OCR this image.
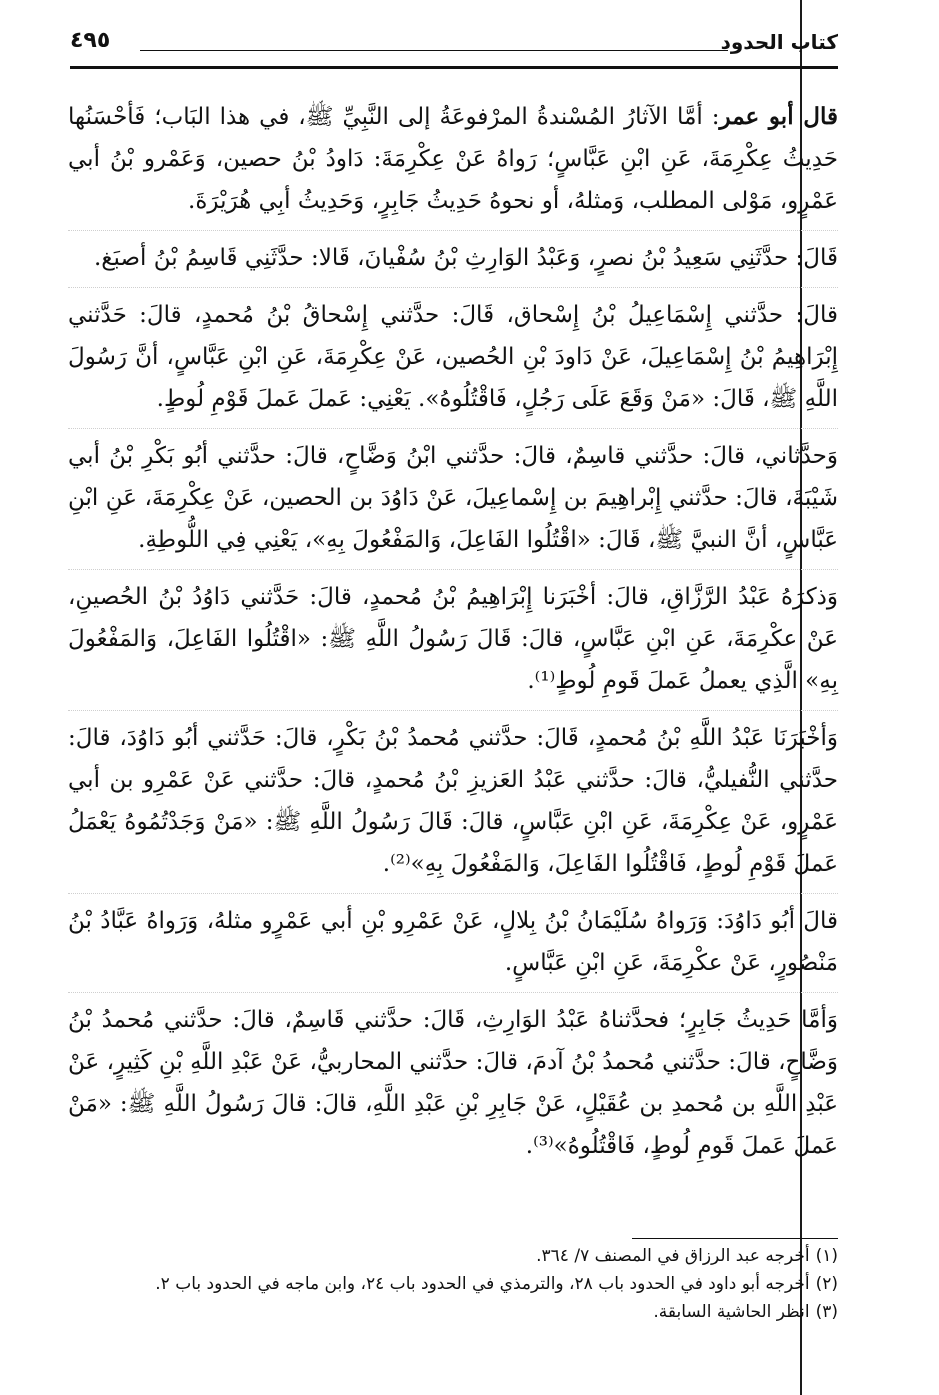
كتاب الحدود
٤٩٥

قال أبو عمر: أمَّا الآثارُ المُسْندةُ المرْفوعَةُ إلى النَّبِيِّ ﷺ، في هذا البَاب؛ فَأحْسَنُها حَدِيثُ عِكْرِمَةَ، عَنِ ابْنِ عَبَّاسٍ؛ رَواهُ عَنْ عِكْرِمَةَ: دَاودُ بْنُ حصين، وَعَمْرو بْنُ أبي عَمْرٍو، مَوْلى المطلب، وَمثلهُ، أو نحوهُ حَدِيثُ جَابِرٍ، وَحَدِيثُ أبِي هُرَيْرَةَ.

قَالَ: حدَّثَنِي سَعِيدُ بْنُ نصرٍ، وَعَبْدُ الوَارِثِ بْنُ سُفْيانَ، قَالا: حدَّثَنِي قَاسِمُ بْنُ أصبَغ.

قالَ: حدَّثني إِسْمَاعِيلُ بْنُ إِسْحاق، قَالَ: حدَّثني إِسْحاقُ بْنُ مُحمدٍ، قالَ: حَدَّثني إِبْرَاهِيمُ بْنُ إِسْمَاعِيلَ، عَنْ دَاودَ بْنِ الحُصين، عَنْ عِكْرِمَةَ، عَنِ ابْنِ عَبَّاسٍ، أنَّ رَسُولَ اللَّهِ ﷺ، قَالَ: «مَنْ وَقَعَ عَلَى رَجُلٍ، فَاقْتُلُوهُ». يَعْنِي: عَملَ عَملَ قَوْمِ لُوطٍ.

وَحدَّثاني، قالَ: حدَّثني قاسِمٌ، قالَ: حدَّثني ابْنُ وَضَّاحٍ، قالَ: حدَّثني أبُو بَكْرِ بْنُ أبي شَيْبَةَ، قالَ: حدَّثني إِبْراهِيمَ بن إِسْماعِيلَ، عَنْ دَاوُدَ بن الحصين، عَنْ عِكْرِمَةَ، عَنِ ابْنِ عَبَّاسٍ، أنَّ النبيَّ ﷺ، قَالَ: «اقْتُلُوا الفَاعِلَ، وَالمَفْعُولَ بِهِ»، يَعْنِي فِي اللُّوطِةِ.

وَذكرَهُ عَبْدُ الرَّزَّاقِ، قالَ: أخْبَرَنا إِبْرَاهِيمُ بْنُ مُحمدٍ، قالَ: حَدَّثني دَاوُدُ بْنُ الحُصينِ، عَنْ عكْرِمَةَ، عَنِ ابْنِ عَبَّاسٍ، قالَ: قَالَ رَسُولُ اللَّهِ ﷺ: «اقْتُلُوا الفَاعِلَ، وَالمَفْعُولَ بِهِ» الَّذِي يعملُ عَملَ قَومِ لُوطٍ⁽¹⁾.

وَأخْبَرَنَا عَبْدُ اللَّهِ بْنُ مُحمدٍ، قَالَ: حدَّثني مُحمدُ بْنُ بَكْرٍ، قالَ: حَدَّثني أبُو دَاوُدَ، قالَ: حدَّثني النُّفيليُّ، قالَ: حدَّثني عَبْدُ العَزيزِ بْنُ مُحمدٍ، قالَ: حدَّثني عَنْ عَمْرِو بن أبي عَمْرٍو، عَنْ عِكْرِمَةَ، عَنِ ابْنِ عَبَّاسٍ، قالَ: قَالَ رَسُولُ اللَّهِ ﷺ: «مَنْ وَجَدْتُمُوهُ يَعْمَلُ عَملَ قَوْمِ لُوطٍ، فَاقْتُلُوا الفَاعِلَ، وَالمَفْعُولَ بِهِ»⁽²⁾.

قالَ أبُو دَاوُدَ: وَرَواهُ سُلَيْمَانُ بْنُ بِلالٍ، عَنْ عَمْرِو بْنِ أبي عَمْرٍو مثلهُ، وَرَواهُ عَبَّادُ بْنُ مَنْصُورٍ، عَنْ عكْرِمَةَ، عَنِ ابْنِ عَبَّاسٍ.

وَأمَّا حَدِيثُ جَابِرٍ؛ فحدَّثناهُ عَبْدُ الوَارِثِ، قَالَ: حدَّثني قَاسِمٌ، قالَ: حدَّثني مُحمدُ بْنُ وَضَّاحٍ، قالَ: حدَّثني مُحمدُ بْنُ آدمَ، قالَ: حدَّثني المحاربيُّ، عَنْ عَبْدِ اللَّهِ بْنِ كَثِيرٍ، عَنْ عَبْدِ اللَّهِ بن مُحمدِ بن عُقَيْلٍ، عَنْ جَابِرِ بْنِ عَبْدِ اللَّهِ، قالَ: قالَ رَسُولُ اللَّهِ ﷺ: «مَنْ عَملَ عَملَ قَومِ لُوطٍ، فَاقْتُلُوهُ»⁽³⁾.

(١)أخرجه عبد الرزاق في المصنف ٧/ ٣٦٤.

(٢)أخرجه أبو داود في الحدود باب ٢٨، والترمذي في الحدود باب ٢٤، وابن ماجه في الحدود باب ٢.

(٣)انظر الحاشية السابقة.
